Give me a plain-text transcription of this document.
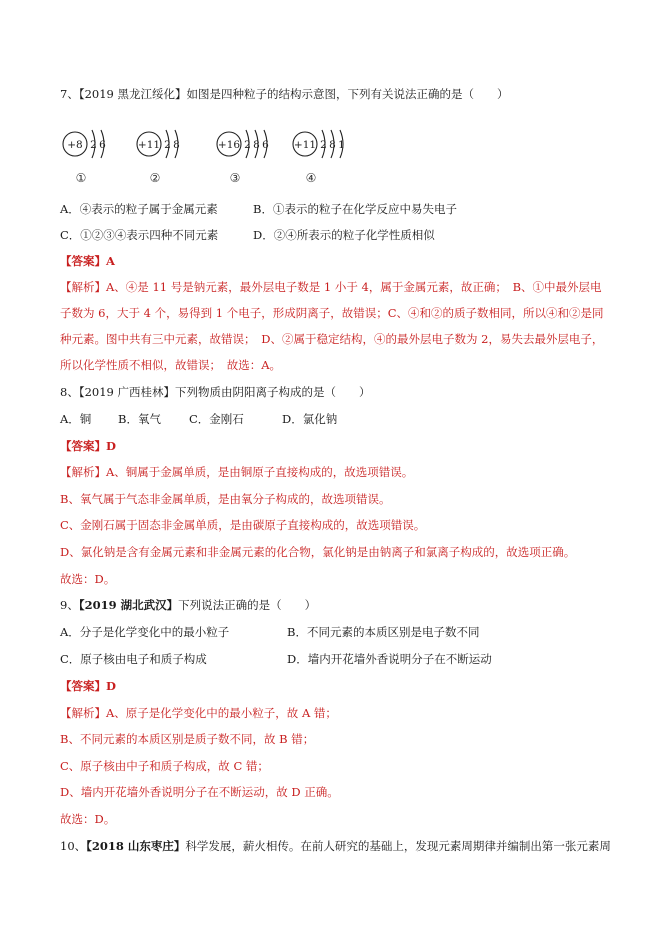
7、【2019 黑龙江绥化】如图是四种粒子的结构示意图，下列有关说法正确的是（　　）
+8 2 6
①
+11 2 8
②
+16 2 8 6
③
+11 2 8 1
④
A．④表示的粒子属于金属元素	B．①表示的粒子在化学反应中易失电子
C．①②③④表示四种不同元素	D．②④所表示的粒子化学性质相似
【答案】A
【解析】A、④是 11 号是钠元素，最外层电子数是 1 小于 4，属于金属元素，故正确；　B、①中最外层电
子数为 6，大于 4 个，易得到 1 个电子，形成阴离子，故错误；C、④和②的质子数相同，所以④和②是同
种元素。图中共有三中元素，故错误；　D、②属于稳定结构，④的最外层电子数为 2，易失去最外层电子，
所以化学性质不相似，故错误；　故选：A。
8、【2019 广西桂林】下列物质由阴阳离子构成的是（　　）
A．铜 B．氧气 C．金刚石	D．氯化钠
【答案】D
【解析】A、铜属于金属单质，是由铜原子直接构成的，故选项错误。
B、氧气属于气态非金属单质，是由氧分子构成的，故选项错误。
C、金刚石属于固态非金属单质，是由碳原子直接构成的，故选项错误。
D、氯化钠是含有金属元素和非金属元素的化合物，氯化钠是由钠离子和氯离子构成的，故选项正确。
故选：D。
9、【2019 湖北武汉】下列说法正确的是（　　）
A．分子是化学变化中的最小粒子	B．不同元素的本质区别是电子数不同
C．原子核由电子和质子构成	D．墙内开花墙外香说明分子在不断运动
【答案】D
【解析】A、原子是化学变化中的最小粒子，故 A 错；
B、不同元素的本质区别是质子数不同，故 B 错；
C、原子核由中子和质子构成，故 C 错；
D、墙内开花墙外香说明分子在不断运动，故 D 正确。
故选：D。
10、【2018 山东枣庄】科学发展，薪火相传。在前人研究的基础上，发现元素周期律并编制出第一张元素周
